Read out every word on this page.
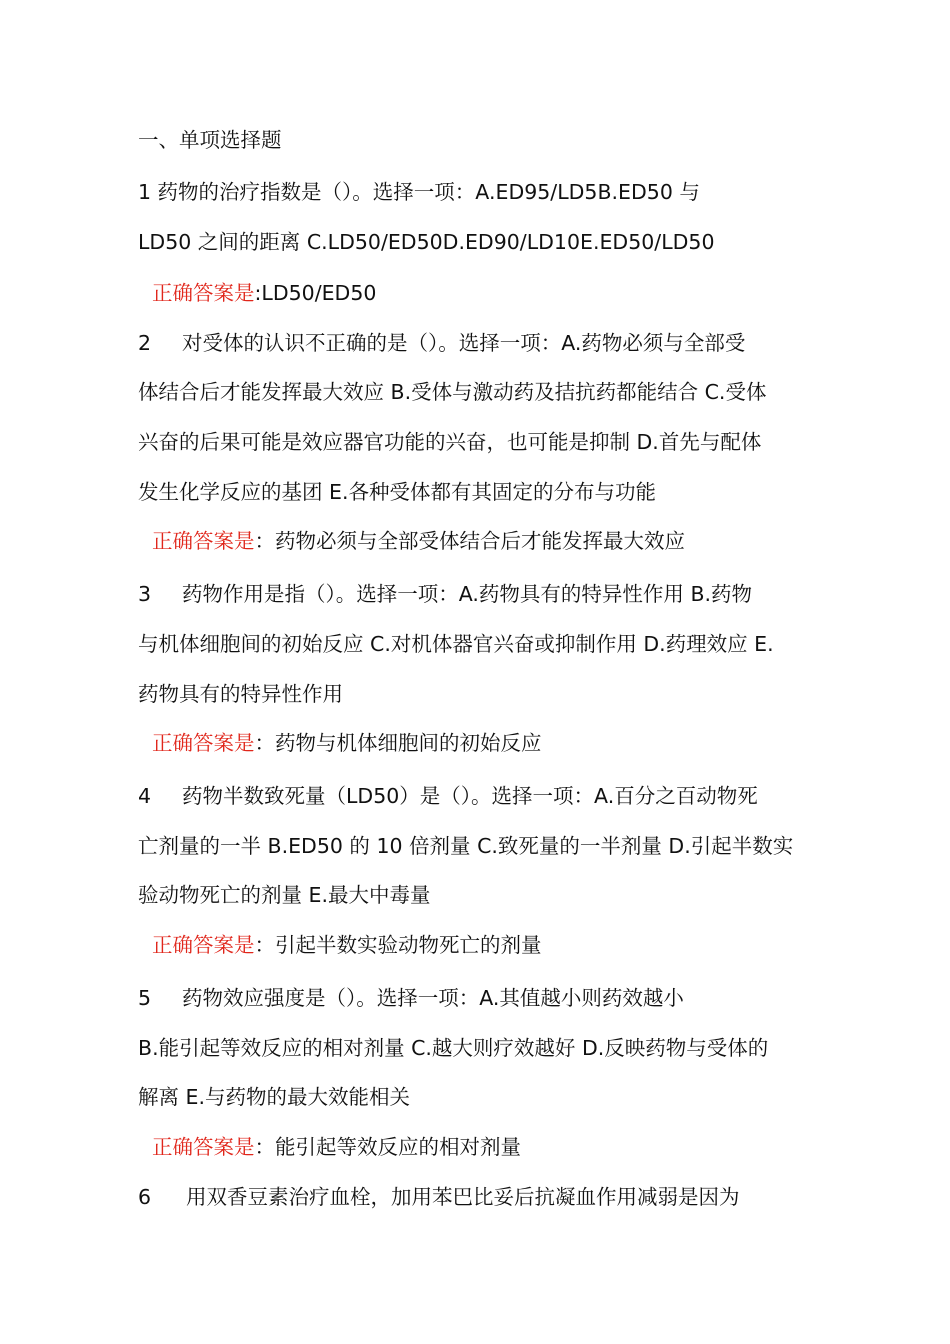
一、单项选择题
1 药物的治疗指数是（）。选择一项：A.ED95/LD5B.ED50 与
LD50 之间的距离 C.LD50/ED50D.ED90/LD10E.ED50/LD50
正确答案是:LD50/ED50
2 对受体的认识不正确的是（）。选择一项：A.药物必须与全部受
体结合后才能发挥最大效应 B.受体与激动药及拮抗药都能结合 C.受体
兴奋的后果可能是效应器官功能的兴奋，也可能是抑制 D.首先与配体
发生化学反应的基团 E.各种受体都有其固定的分布与功能
正确答案是：药物必须与全部受体结合后才能发挥最大效应
3 药物作用是指（）。选择一项：A.药物具有的特异性作用 B.药物
与机体细胞间的初始反应 C.对机体器官兴奋或抑制作用 D.药理效应 E.
药物具有的特异性作用
正确答案是：药物与机体细胞间的初始反应
4 药物半数致死量（LD50）是（）。选择一项：A.百分之百动物死
亡剂量的一半 B.ED50 的 10 倍剂量 C.致死量的一半剂量 D.引起半数实
验动物死亡的剂量 E.最大中毒量
正确答案是：引起半数实验动物死亡的剂量
5 药物效应强度是（）。选择一项：A.其值越小则药效越小
B.能引起等效反应的相对剂量 C.越大则疗效越好 D.反映药物与受体的
解离 E.与药物的最大效能相关
正确答案是：能引起等效反应的相对剂量
6 用双香豆素治疗血栓，加用苯巴比妥后抗凝血作用减弱是因为
